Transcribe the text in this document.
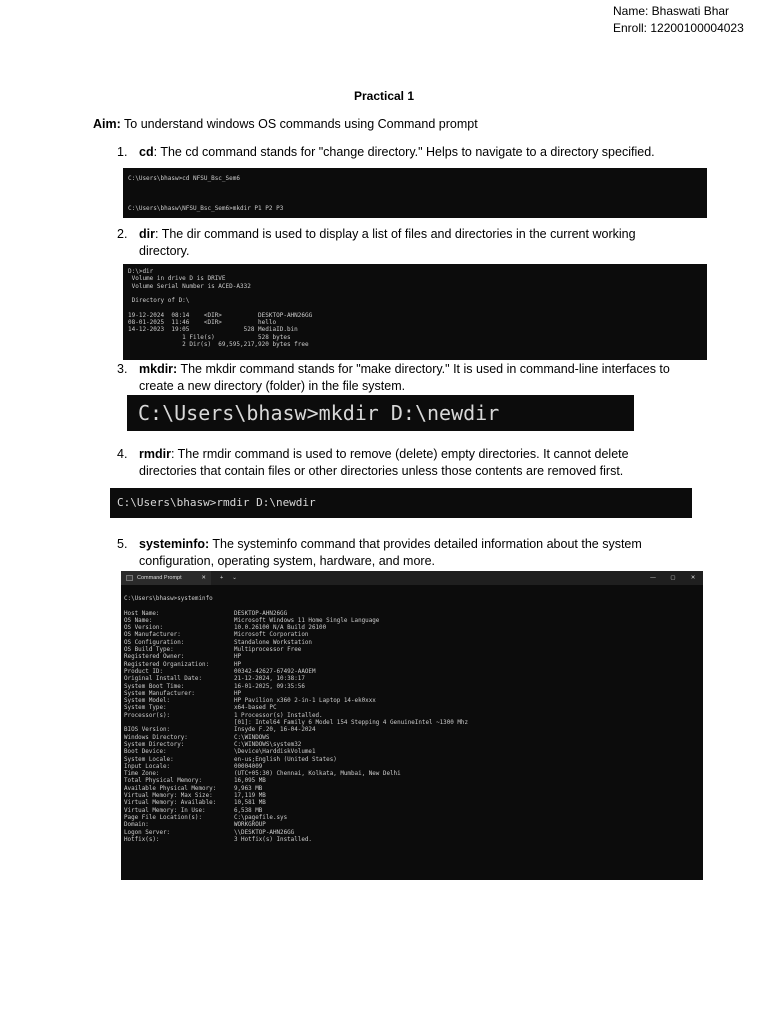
Name: Bhaswati Bhar
Enroll: 12200100004023
Practical 1
Aim: To understand windows OS commands using Command prompt
1. cd: The cd command stands for "change directory." Helps to navigate to a directory specified.
C:\Users\bhasw>cd NFSU_Bsc_Sem6

C:\Users\bhasw\NFSU_Bsc_Sem6>mkdir P1 P2 P3

2. dir: The dir command is used to display a list of files and directories in the current working directory.
D:\>dir
Volume in drive D is DRIVE
Volume Serial Number is ACED-A332

Directory of D:\

19-12-2024  08:14    <DIR>          DESKTOP-AHN26GG
08-01-2025  11:46    <DIR>          hello
14-12-2023  19:05               528 MediaID.bin
1 File(s)            528 bytes
2 Dir(s)  69,595,217,920 bytes free
3. mkdir: The mkdir command stands for "make directory." It is used in command-line interfaces to create a new directory (folder) in the file system.
C:\Users\bhasw>mkdir D:\newdir
4. rmdir: The rmdir command is used to remove (delete) empty directories. It cannot delete directories that contain files or other directories unless those contents are removed first.
C:\Users\bhasw>rmdir D:\newdir
5. systeminfo: The systeminfo command that provides detailed information about the system configuration, operating system, hardware, and more.
Command Prompt	✕	+ ⌄	—	▢	✕
C:\Users\bhasw>systeminfo

Host Name:                     DESKTOP-AHN26GG
OS Name:                       Microsoft Windows 11 Home Single Language
OS Version:                    10.0.26100 N/A Build 26100
OS Manufacturer:               Microsoft Corporation
OS Configuration:              Standalone Workstation
OS Build Type:                 Multiprocessor Free
Registered Owner:              HP
Registered Organization:       HP
Product ID:                    00342-42627-67492-AAOEM
Original Install Date:         21-12-2024, 10:38:17
System Boot Time:              16-01-2025, 09:35:56
System Manufacturer:           HP
System Model:                  HP Pavilion x360 2-in-1 Laptop 14-ek0xxx
System Type:                   x64-based PC
Processor(s):                  1 Processor(s) Installed.
[01]: Intel64 Family 6 Model 154 Stepping 4 GenuineIntel ~1300 Mhz
BIOS Version:                  Insyde F.20, 16-04-2024
Windows Directory:             C:\WINDOWS
System Directory:              C:\WINDOWS\system32
Boot Device:                   \Device\HarddiskVolume1
System Locale:                 en-us;English (United States)
Input Locale:                  00004009
Time Zone:                     (UTC+05:30) Chennai, Kolkata, Mumbai, New Delhi
Total Physical Memory:         16,095 MB
Available Physical Memory:     9,963 MB
Virtual Memory: Max Size:      17,119 MB
Virtual Memory: Available:     10,581 MB
Virtual Memory: In Use:        6,538 MB
Page File Location(s):         C:\pagefile.sys
Domain:                        WORKGROUP
Logon Server:                  \\DESKTOP-AHN26GG
Hotfix(s):                     3 Hotfix(s) Installed.
